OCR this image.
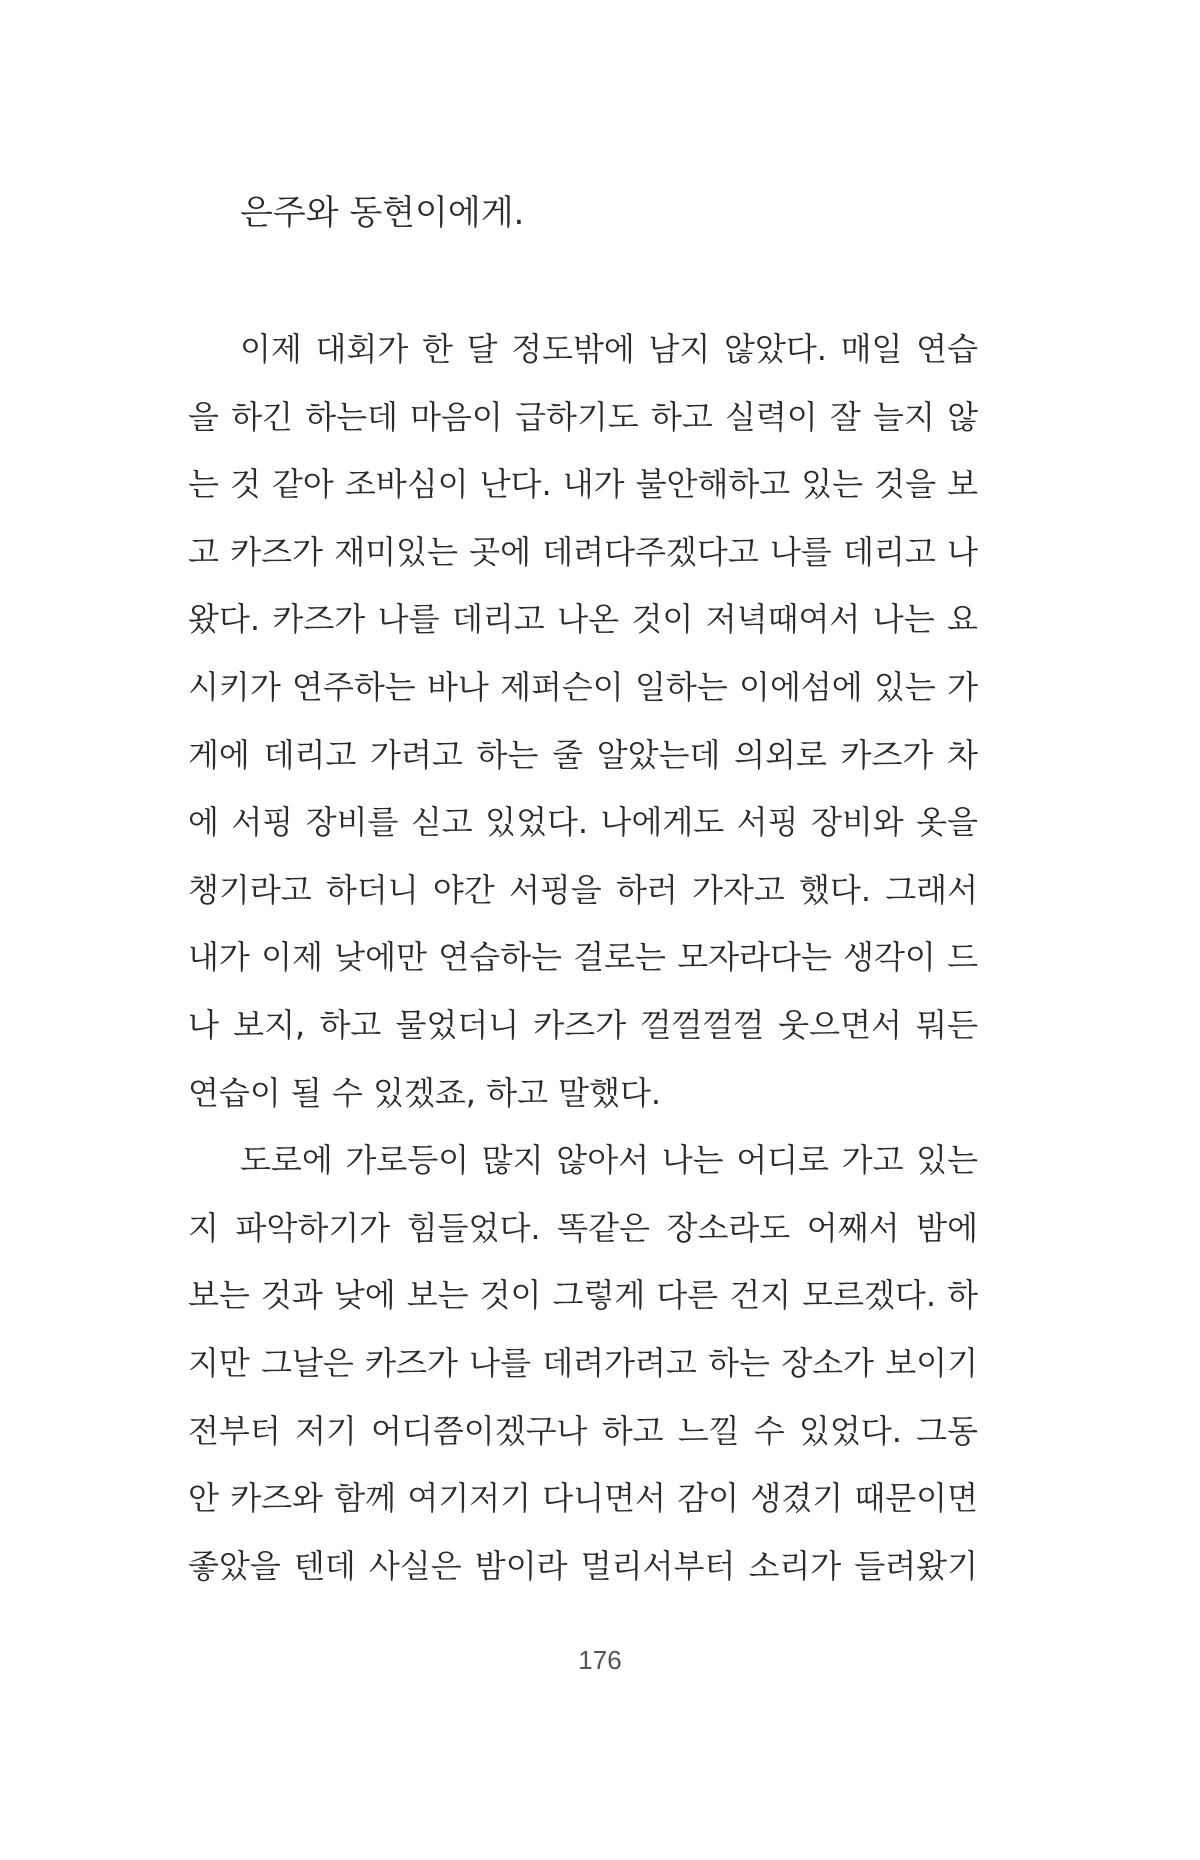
은주와 동현이에게.
이제 대회가 한 달 정도밖에 남지 않았다. 매일 연습
을 하긴 하는데 마음이 급하기도 하고 실력이 잘 늘지 않
는 것 같아 조바심이 난다. 내가 불안해하고 있는 것을 보
고 카즈가 재미있는 곳에 데려다주겠다고 나를 데리고 나
왔다. 카즈가 나를 데리고 나온 것이 저녁때여서 나는 요
시키가 연주하는 바나 제퍼슨이 일하는 이에섬에 있는 가
게에 데리고 가려고 하는 줄 알았는데 의외로 카즈가 차
에 서핑 장비를 싣고 있었다. 나에게도 서핑 장비와 옷을
챙기라고 하더니 야간 서핑을 하러 가자고 했다. 그래서
내가 이제 낮에만 연습하는 걸로는 모자라다는 생각이 드
나 보지, 하고 물었더니 카즈가 껄껄껄껄 웃으면서 뭐든
연습이 될 수 있겠죠, 하고 말했다.
도로에 가로등이 많지 않아서 나는 어디로 가고 있는
지 파악하기가 힘들었다. 똑같은 장소라도 어째서 밤에
보는 것과 낮에 보는 것이 그렇게 다른 건지 모르겠다. 하
지만 그날은 카즈가 나를 데려가려고 하는 장소가 보이기
전부터 저기 어디쯤이겠구나 하고 느낄 수 있었다. 그동
안 카즈와 함께 여기저기 다니면서 감이 생겼기 때문이면
좋았을 텐데 사실은 밤이라 멀리서부터 소리가 들려왔기
176
